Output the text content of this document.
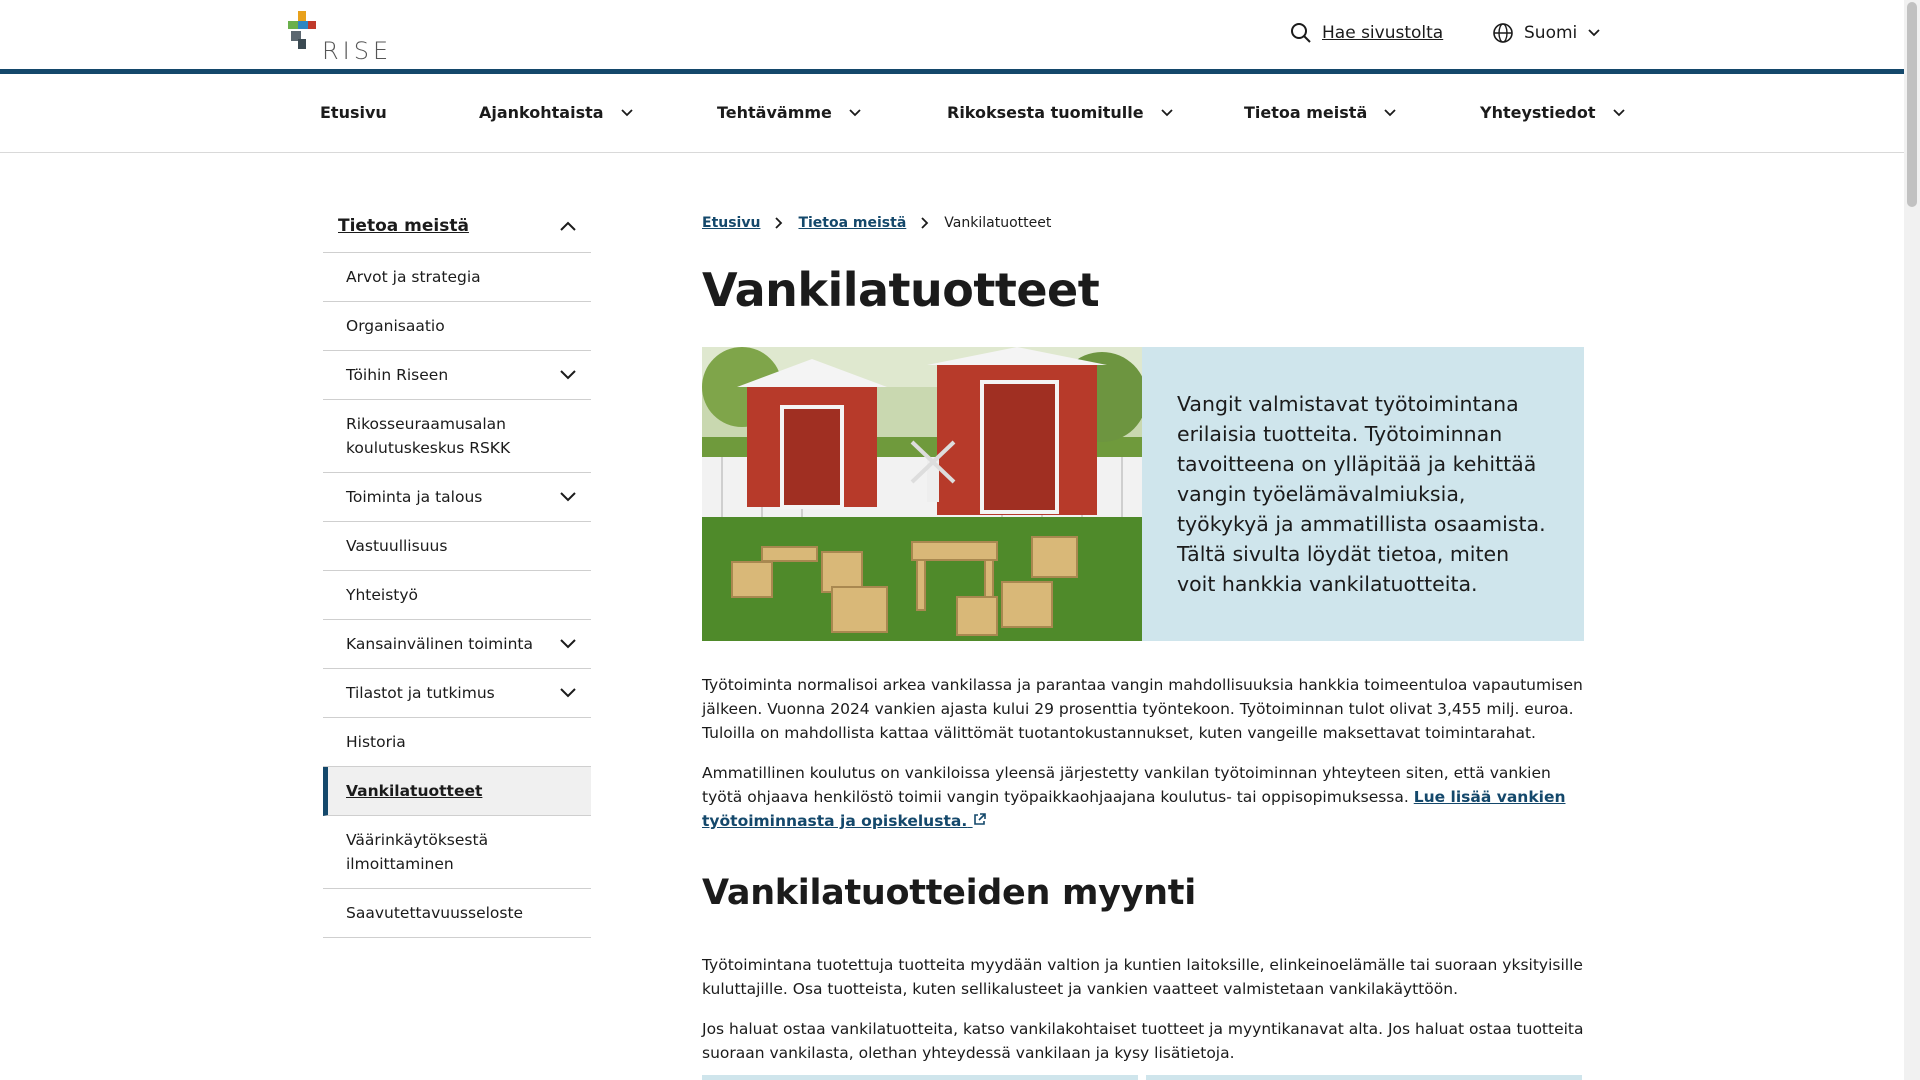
RISE
Hae sivustolta	Suomi
Etusivu	Ajankohtaista	Tehtävämme	Rikoksesta tuomitulle	Tietoa meistä	Yhteystiedot
Tietoa meistä
Arvot ja strategia
Organisaatio
Töihin Riseen
Rikosseuraamusalan koulutuskeskus RSKK
Toiminta ja talous
Vastuullisuus
Yhteistyö
Kansainvälinen toiminta
Tilastot ja tutkimus
Historia
Vankilatuotteet
Väärinkäytöksestä ilmoittaminen
Saavutettavuusseloste
Etusivu	Tietoa meistä	Vankilatuotteet
Vankilatuotteet

Vangit valmistavat työtoimintana erilaisia tuotteita. Työtoiminnan tavoitteena on ylläpitää ja kehittää vangin työelämävalmiuksia, työkykyä ja ammatillista osaamista. Tältä sivulta löydät tietoa, miten voit hankkia vankilatuotteita.

Työtoiminta normalisoi arkea vankilassa ja parantaa vangin mahdollisuuksia hankkia toimeentuloa vapautumisen jälkeen. Vuonna 2024 vankien ajasta kului 29 prosenttia työntekoon. Työtoiminnan tulot olivat 3,455 milj. euroa. Tuloilla on mahdollista kattaa välittömät tuotantokustannukset, kuten vangeille maksettavat toimintarahat.

Ammatillinen koulutus on vankiloissa yleensä järjestetty vankilan työtoiminnan yhteyteen siten, että vankien työtä ohjaava henkilöstö toimii vangin työpaikkaohjaajana koulutus- tai oppisopimuksessa. Lue lisää vankien työtoiminnasta ja opiskelusta.

Vankilatuotteiden myynti

Työtoimintana tuotettuja tuotteita myydään valtion ja kuntien laitoksille, elinkeinoelämälle tai suoraan yksityisille kuluttajille. Osa tuotteista, kuten sellikalusteet ja vankien vaatteet valmistetaan vankilakäyttöön.

Jos haluat ostaa vankilatuotteita, katso vankilakohtaiset tuotteet ja myyntikanavat alta. Jos haluat ostaa tuotteita suoraan vankilasta, olethan yhteydessä vankilaan ja kysy lisätietoja.
